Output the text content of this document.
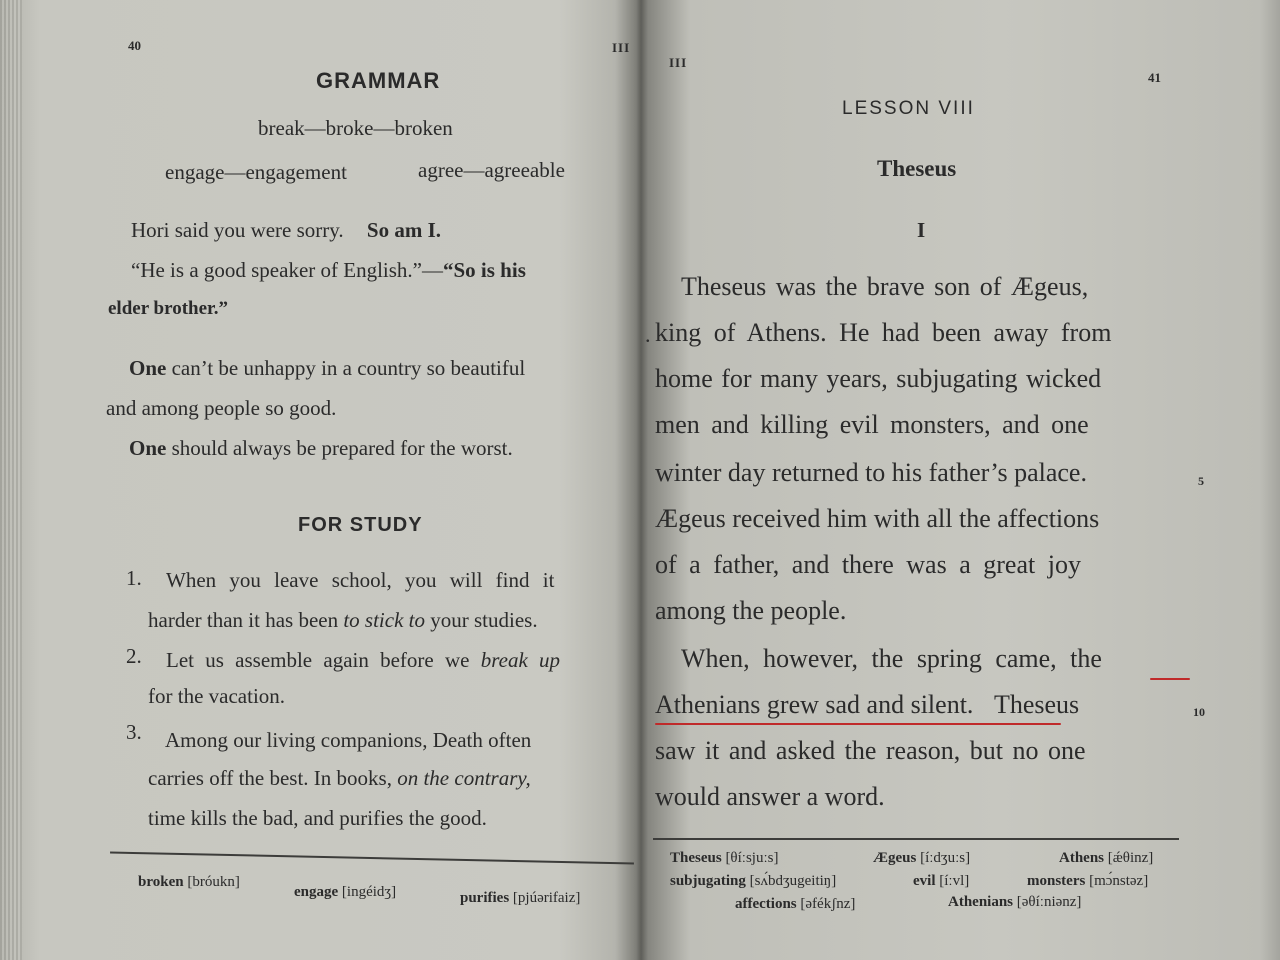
40	III
GRAMMAR
break—broke—broken
engage—engagement	agree—agreeable
Hori said you were sorry. So am I.
“He is a good speaker of English.”—“So is his
elder brother.”
One can’t be unhappy in a country so beautiful
and among people so good.
One should always be prepared for the worst.
FOR STUDY
1. When you leave school, you will find it
harder than it has been to stick to your studies.
2. Let us assemble again before we break up
for the vacation.
3. Among our living companions, Death often
carries off the best. In books, on the contrary,
time kills the bad, and purifies the good.
broken [bróukn]
engage [ingéidʒ]	purifies [pjúərifaiz]
III
41
LESSON VIII
Theseus
I
.
Theseus was the brave son of Ægeus,
king of Athens. He had been away from
home for many years, subjugating wicked
men and killing evil monsters, and one
winter day returned to his father’s palace.
Ægeus received him with all the affections
of a father, and there was a great joy
among the people.
When, however, the spring came, the
Athenians grew sad and silent. Theseus
saw it and asked the reason, but no one
would answer a word.
5
10
Theseus [θíːsjuːs]	Ægeus [íːdʒuːs]	Athens [ǽθinz]
subjugating [sʌ́bdʒugeitiŋ]	evil [íːvl]	monsters [mɔ́nstəz]
affections [əfékʃnz]	Athenians [əθíːniənz]
